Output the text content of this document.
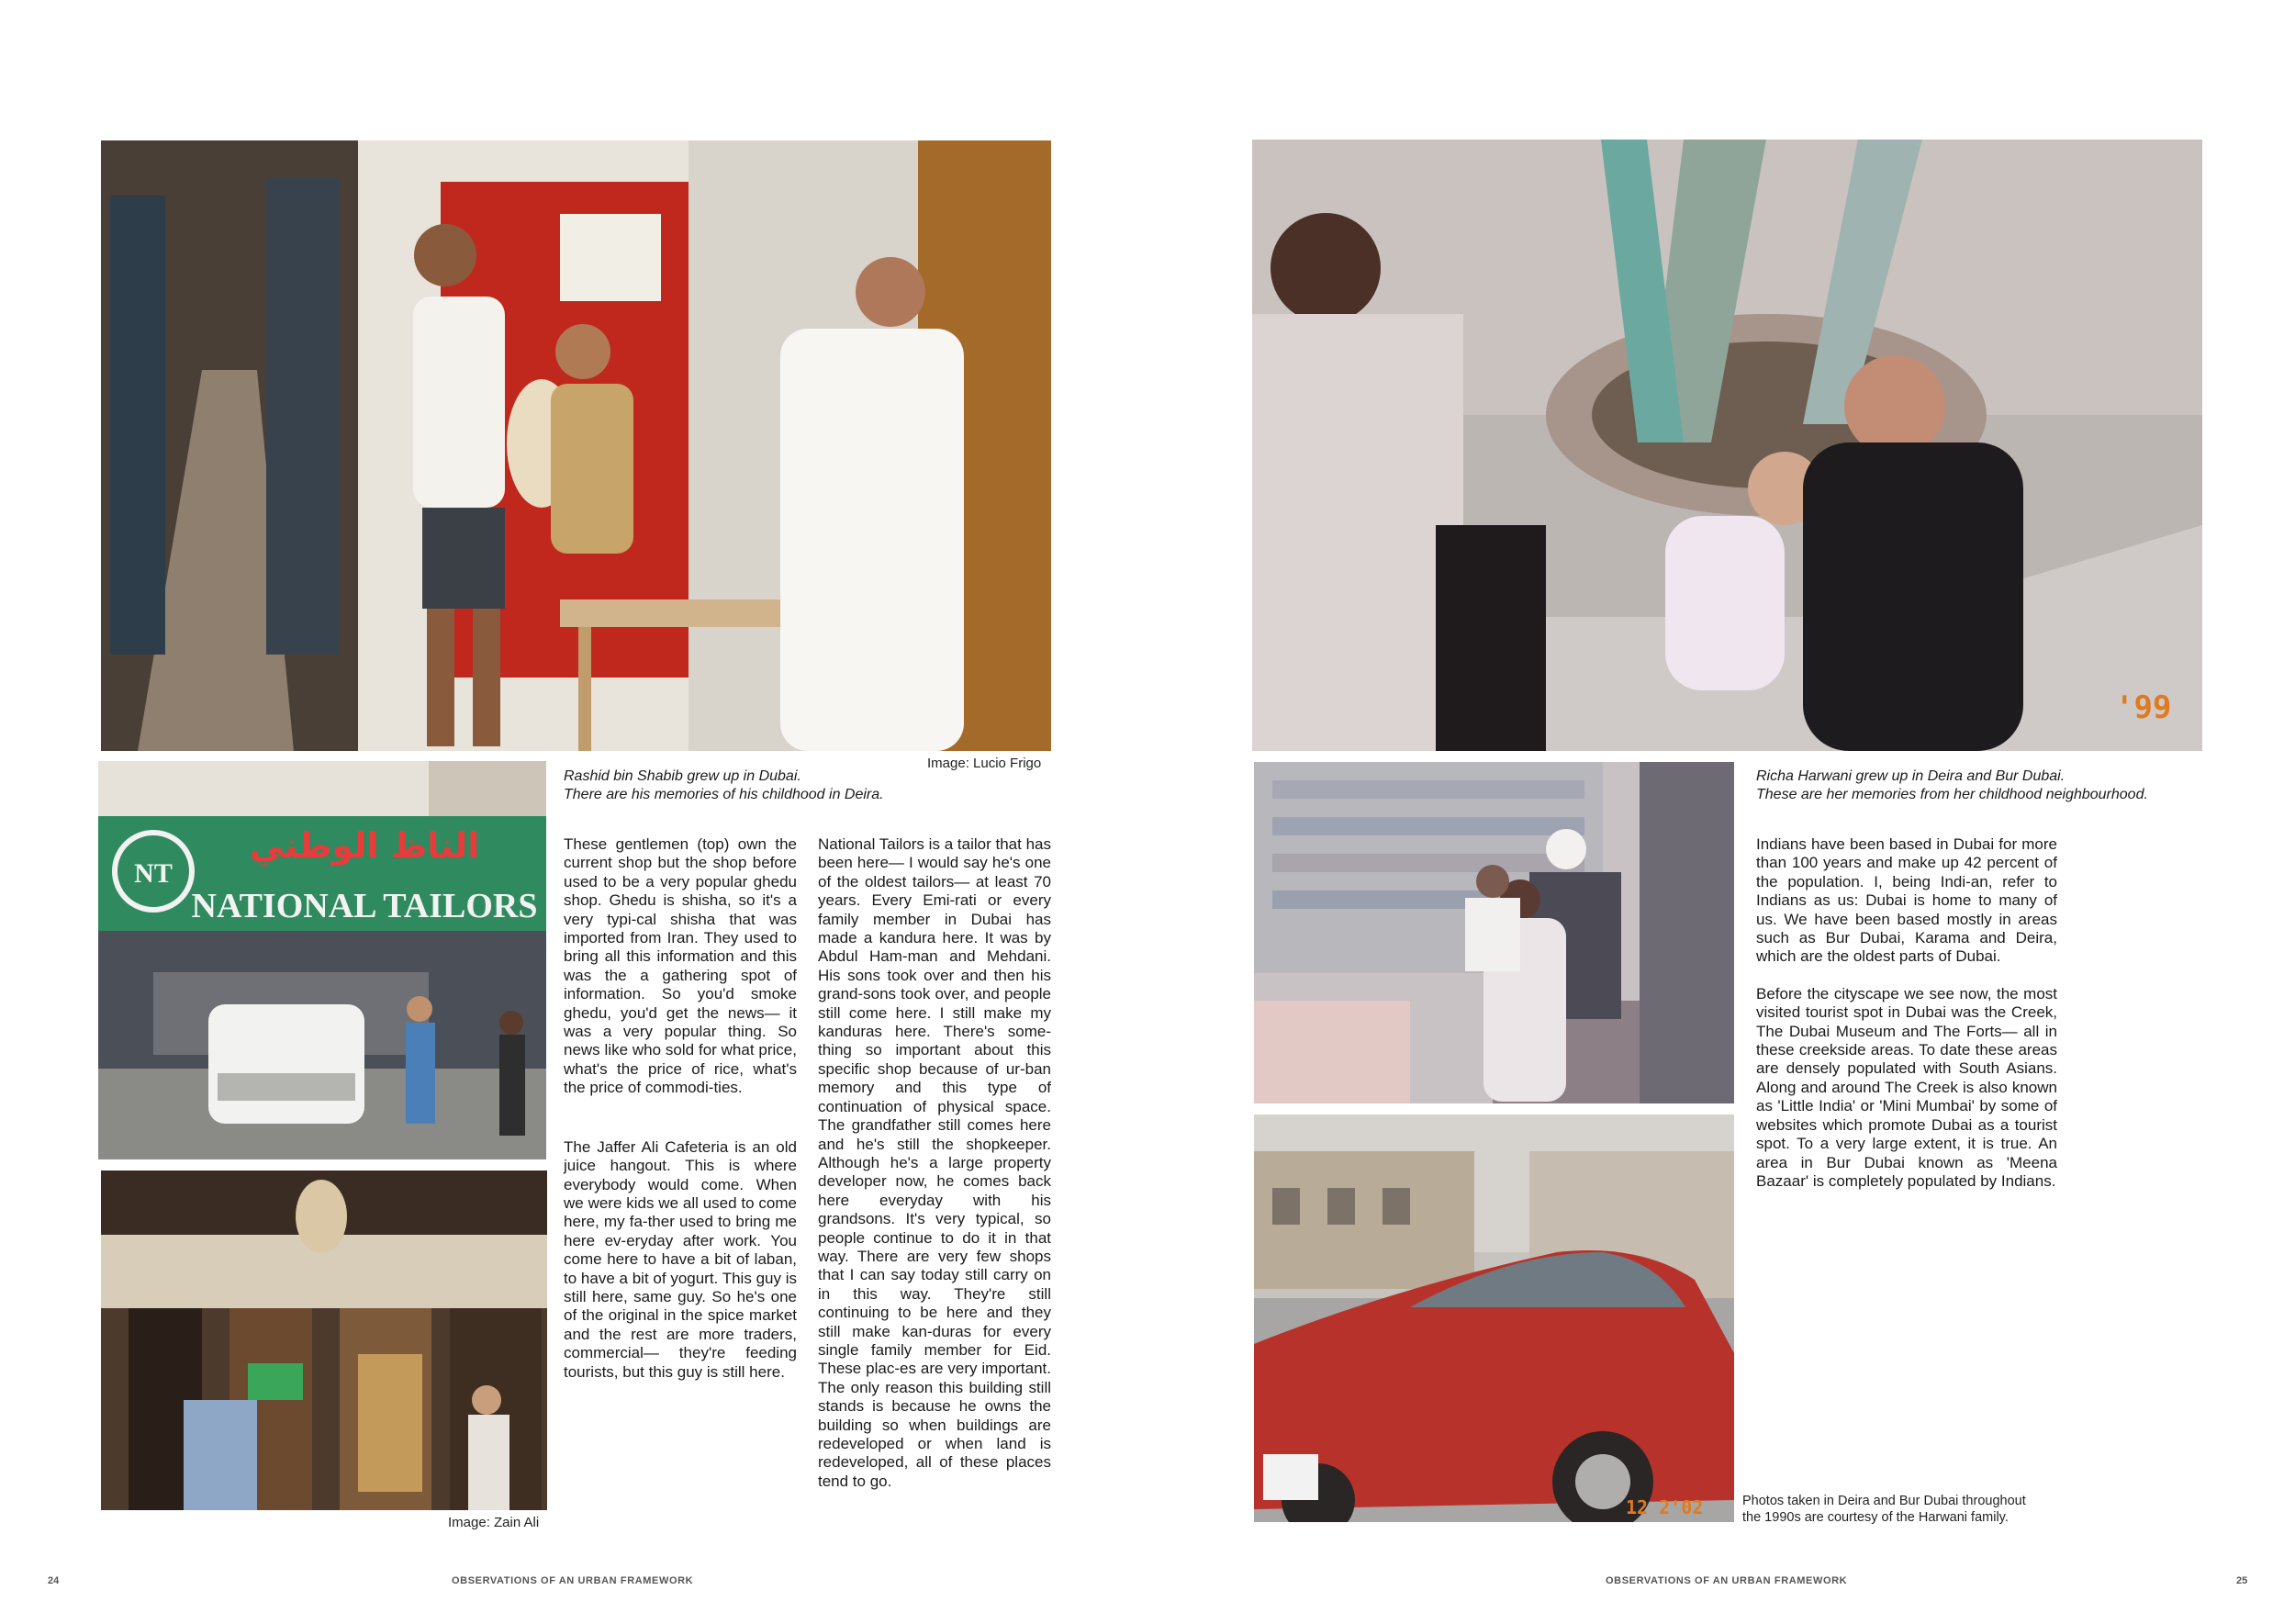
Image: Lucio Frigo
NT
الناظ الوطني
NATIONAL TAILORS
Image: Zain Ali
Rashid bin Shabib grew up in Dubai.
There are his memories of his childhood in Deira.

These gentlemen (top) own the current shop but the shop before used to be a very popular ghedu shop. Ghedu is shisha, so it's a very typi-cal shisha that was imported from Iran. They used to bring all this information and this was the a gathering spot of information. So you'd smoke ghedu, you'd get the news— it was a very popular thing. So news like who sold for what price, what's the price of rice, what's the price of commodi-ties.

The Jaffer Ali Cafeteria is an old juice hangout. This is where everybody would come. When we were kids we all used to come here, my fa-ther used to bring me here ev-eryday after work. You come here to have a bit of laban, to have a bit of yogurt. This guy is still here, same guy. So he's one of the original in the spice market and the rest are more traders, commercial— they're feeding tourists, but this guy is still here.

National Tailors is a tailor that has been here— I would say he's one of the oldest tailors— at least 70 years. Every Emi-rati or every family member in Dubai has made a kandura here. It was by Abdul Ham-man and Mehdani. His sons took over and then his grand-sons took over, and people still come here. I still make my kanduras here. There's some-thing so important about this specific shop because of ur-ban memory and this type of continuation of physical space. The grandfather still comes here and he's still the shopkeeper. Although he's a large property developer now, he comes back here everyday with his grandsons. It's very typical, so people continue to do it in that way. There are very few shops that I can say today still carry on in this way. They're still continuing to be here and they still make kan-duras for every single family member for Eid. These plac-es are very important. The only reason this building still stands is because he owns the building so when buildings are redeveloped or when land is redeveloped, all of these places tend to go.

24	OBSERVATIONS OF AN URBAN FRAMEWORK
'99
12 2'02
Richa Harwani grew up in Deira and Bur Dubai.
These are her memories from her childhood neighbourhood.

Indians have been based in Dubai for more than 100 years and make up 42 percent of the population. I, being Indi-an, refer to Indians as us: Dubai is home to many of us. We have been based mostly in areas such as Bur Dubai, Karama and Deira, which are the oldest parts of Dubai.

Before the cityscape we see now, the most visited tourist spot in Dubai was the Creek, The Dubai Museum and The Forts— all in these creekside areas. To date these areas are densely populated with South Asians. Along and around The Creek is also known as 'Little India' or 'Mini Mumbai' by some of websites which promote Dubai as a tourist spot. To a very large extent, it is true. An area in Bur Dubai known as 'Meena Bazaar' is completely populated by Indians.

Photos taken in Deira and Bur Dubai throughout
the 1990s are courtesy of the Harwani family.
OBSERVATIONS OF AN URBAN FRAMEWORK	25
